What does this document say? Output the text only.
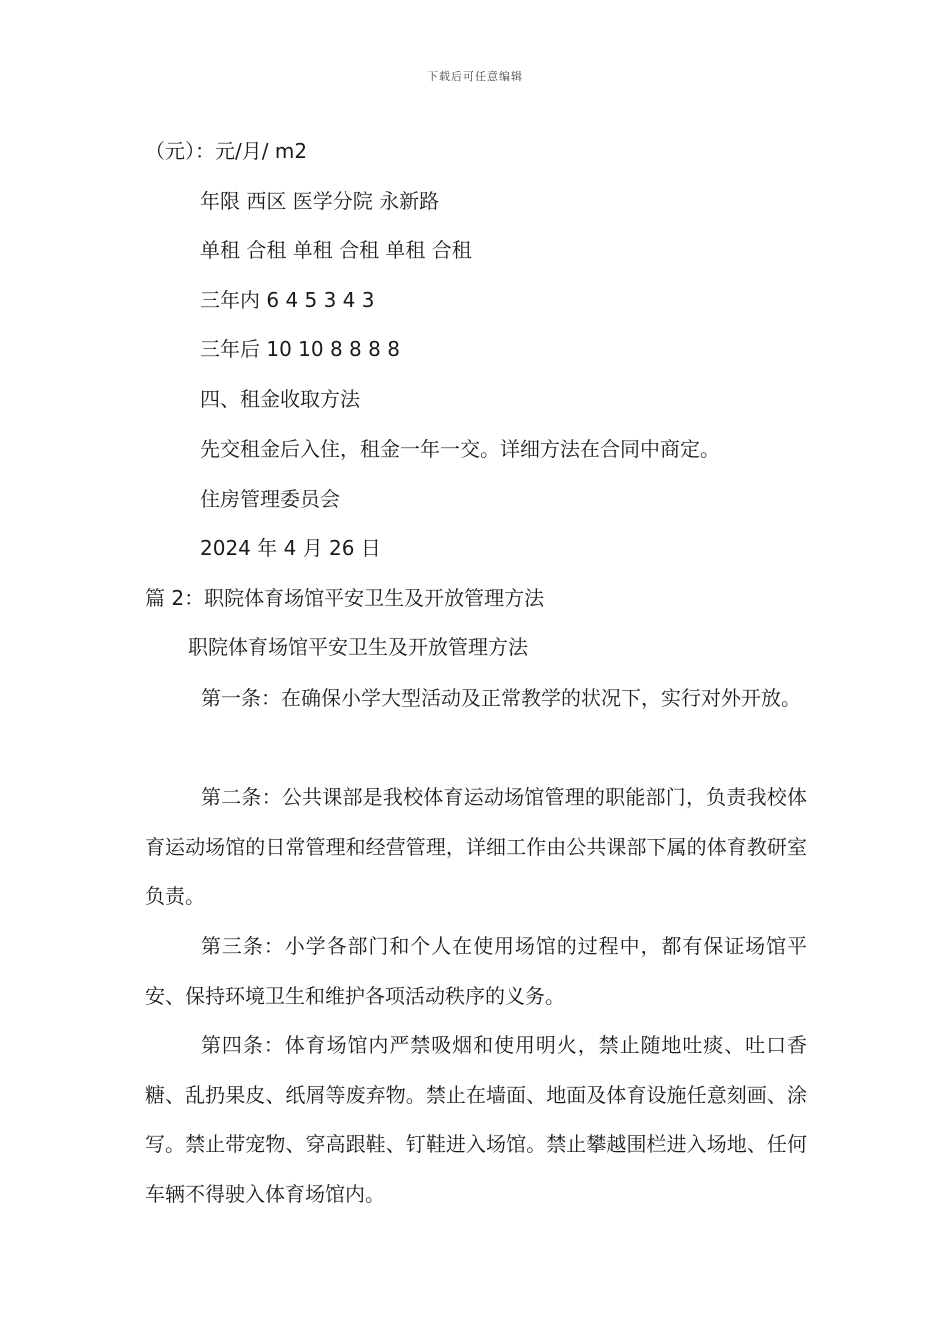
下载后可任意编辑
（元）：元/月/ m2
年限 西区 医学分院 永新路
单租 合租 单租 合租 单租 合租
三年内 6 4 5 3 4 3
三年后 10 10 8 8 8 8
四、租金收取方法
先交租金后入住，租金一年一交。详细方法在合同中商定。
住房管理委员会
2024 年 4 月 26 日
篇 2：职院体育场馆平安卫生及开放管理方法
职院体育场馆平安卫生及开放管理方法
第一条：在确保小学大型活动及正常教学的状况下，实行对外开放。
第二条：公共课部是我校体育运动场馆管理的职能部门，负责我校体育运动场馆的日常管理和经营管理，详细工作由公共课部下属的体育教研室负责。
第三条：小学各部门和个人在使用场馆的过程中，都有保证场馆平安、保持环境卫生和维护各项活动秩序的义务。
第四条：体育场馆内严禁吸烟和使用明火，禁止随地吐痰、吐口香糖、乱扔果皮、纸屑等废弃物。禁止在墙面、地面及体育设施任意刻画、涂写。禁止带宠物、穿高跟鞋、钉鞋进入场馆。禁止攀越围栏进入场地、任何车辆不得驶入体育场馆内。
